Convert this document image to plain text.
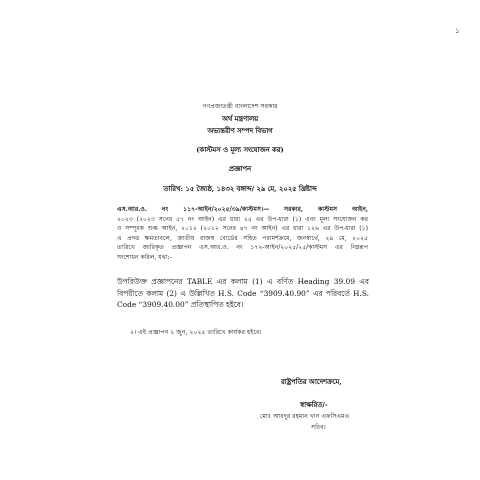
১
গণপ্রজাতন্ত্রী বাংলাদেশ সরকার
অর্থ মন্ত্রণালয়
অভ্যন্তরীণ সম্পদ বিভাগ
(কাস্টমস ও মূল্য সংযোজন কর)
প্রজ্ঞাপন
তারিখ: ১৫ জ্যৈষ্ঠ, ১৪৩২ বঙ্গাব্দ/ ২৯ মে, ২০২৫ খ্রিষ্টাব্দ
এস.আর.ও. নং ১১৭-আইন/২০২৫/৩৯/কাস্টমস।— সরকার, কাস্টমস আইন,
২০২৩ (২০২৩ সনের ৫৭ নং আইন) এর ধারা ২৫ এর উপ-ধারা (১) এবং মূল্য সংযোজন কর
ও সম্পূরক শুল্ক আইন, ২০১২ (২০১২ সনের ৪৭ নং আইন) এর ধারা ১২৬ এর উপ-ধারা (১)
এ প্রদত্ত ক্ষমতাবলে, জাতীয় রাজস্ব বোর্ডের সহিত পরামর্শক্রমে, জনস্বার্থে, ২৯ মে, ২০২৫
তারিখে জারিকৃত প্রজ্ঞাপন এস.আর.ও. নং ১৭২-আইন/২০২৫/২৫/কাস্টমস এর নিম্নরূপ
সংশোধন করিল, যথা:-
উপরিউক্ত প্রজ্ঞাপনের TABLE এর কলাম (1) এ বর্ণিত Heading 39.09 এর
বিপরীতে কলাম (2) এ উল্লিখিত H.S. Code “3909.40.90” এর পরিবর্তে H.S.
Code “3909.40.00” প্রতিস্থাপিত হইবে।
২। এই প্রজ্ঞাপন ২ জুন, ২০২৫ তারিখে কার্যকর হইবে।
রাষ্ট্রপতির আদেশক্রমে,
স্বাক্ষরিত/-
মোঃ আবদুর রহমান খান এফসিএমএ
সচিব।
